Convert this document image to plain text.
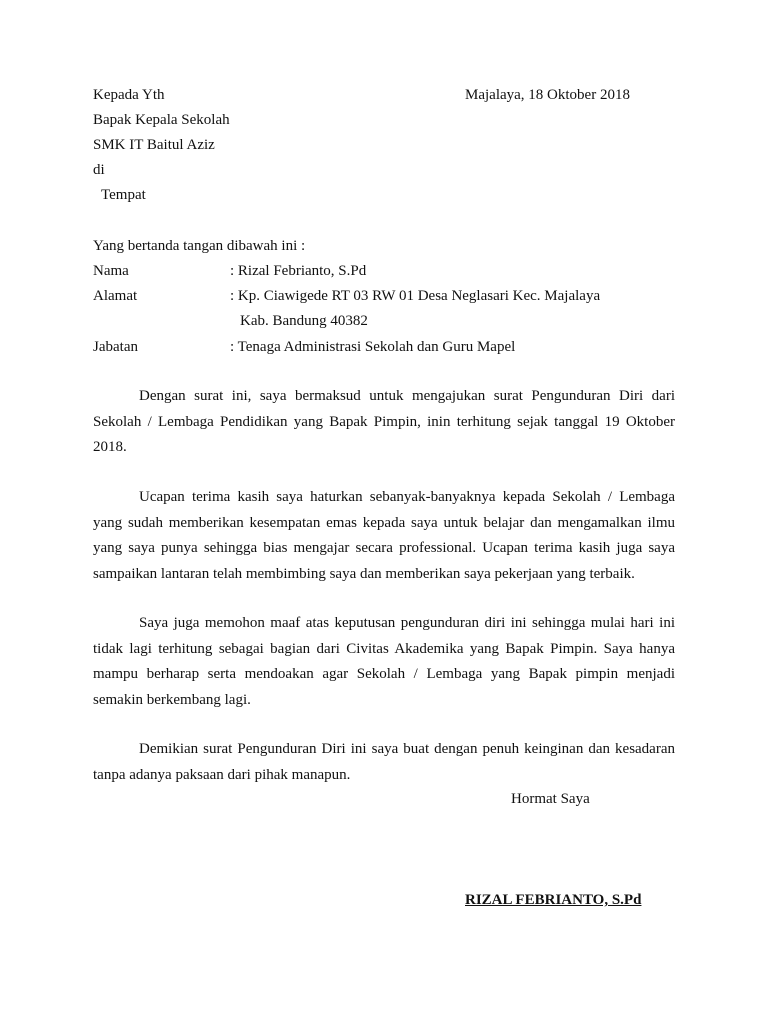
Kepada Yth	Majalaya, 18 Oktober 2018
Bapak Kepala Sekolah
SMK IT Baitul Aziz
di
Tempat
Yang bertanda tangan dibawah ini :
Nama	: Rizal Febrianto, S.Pd
Alamat	: Kp. Ciawigede RT 03 RW 01 Desa Neglasari Kec. Majalaya
Kab. Bandung 40382
Jabatan	: Tenaga Administrasi Sekolah dan Guru Mapel

Dengan surat ini, saya bermaksud untuk mengajukan surat Pengunduran Diri dari Sekolah / Lembaga Pendidikan yang Bapak Pimpin, inin terhitung sejak tanggal 19 Oktober 2018.

Ucapan terima kasih saya haturkan sebanyak-banyaknya kepada Sekolah / Lembaga yang sudah memberikan kesempatan emas kepada saya untuk belajar dan mengamalkan ilmu yang saya punya sehingga bias mengajar secara professional. Ucapan terima kasih juga saya sampaikan lantaran telah membimbing saya dan memberikan saya pekerjaan yang terbaik.

Saya juga memohon maaf atas keputusan pengunduran diri ini sehingga mulai hari ini tidak lagi terhitung sebagai bagian dari Civitas Akademika yang Bapak Pimpin. Saya hanya mampu berharap serta mendoakan agar Sekolah / Lembaga yang Bapak pimpin menjadi semakin berkembang lagi.

Demikian surat Pengunduran Diri ini saya buat dengan penuh keinginan dan kesadaran tanpa adanya paksaan dari pihak manapun.

Hormat Saya
RIZAL FEBRIANTO, S.Pd
